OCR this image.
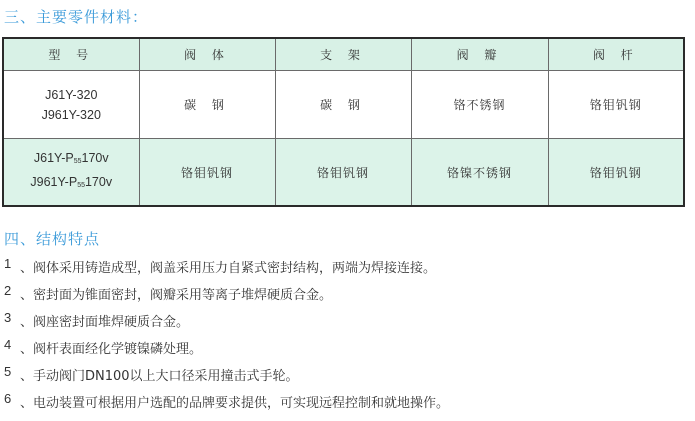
三、主要零件材料：
型 号	阀 体	支 架	阀 瓣	阀 杆

J61Y-320
J961Y-320	碳 钢	碳 钢	铬不锈钢	铬钼钒钢

J61Y-P55170v
J961Y-P55170v	铬钼钒钢	铬钼钒钢	铬镍不锈钢	铬钼钒钢
四、结构特点
1 、阀体采用铸造成型，阀盖采用压力自紧式密封结构，两端为焊接连接。
2 、密封面为锥面密封，阀瓣采用等离子堆焊硬质合金。
3 、阀座密封面堆焊硬质合金。
4 、阀杆表面经化学镀镍磷处理。
5 、手动阀门DN100以上大口径采用撞击式手轮。
6 、电动装置可根据用户选配的品牌要求提供，可实现远程控制和就地操作。
